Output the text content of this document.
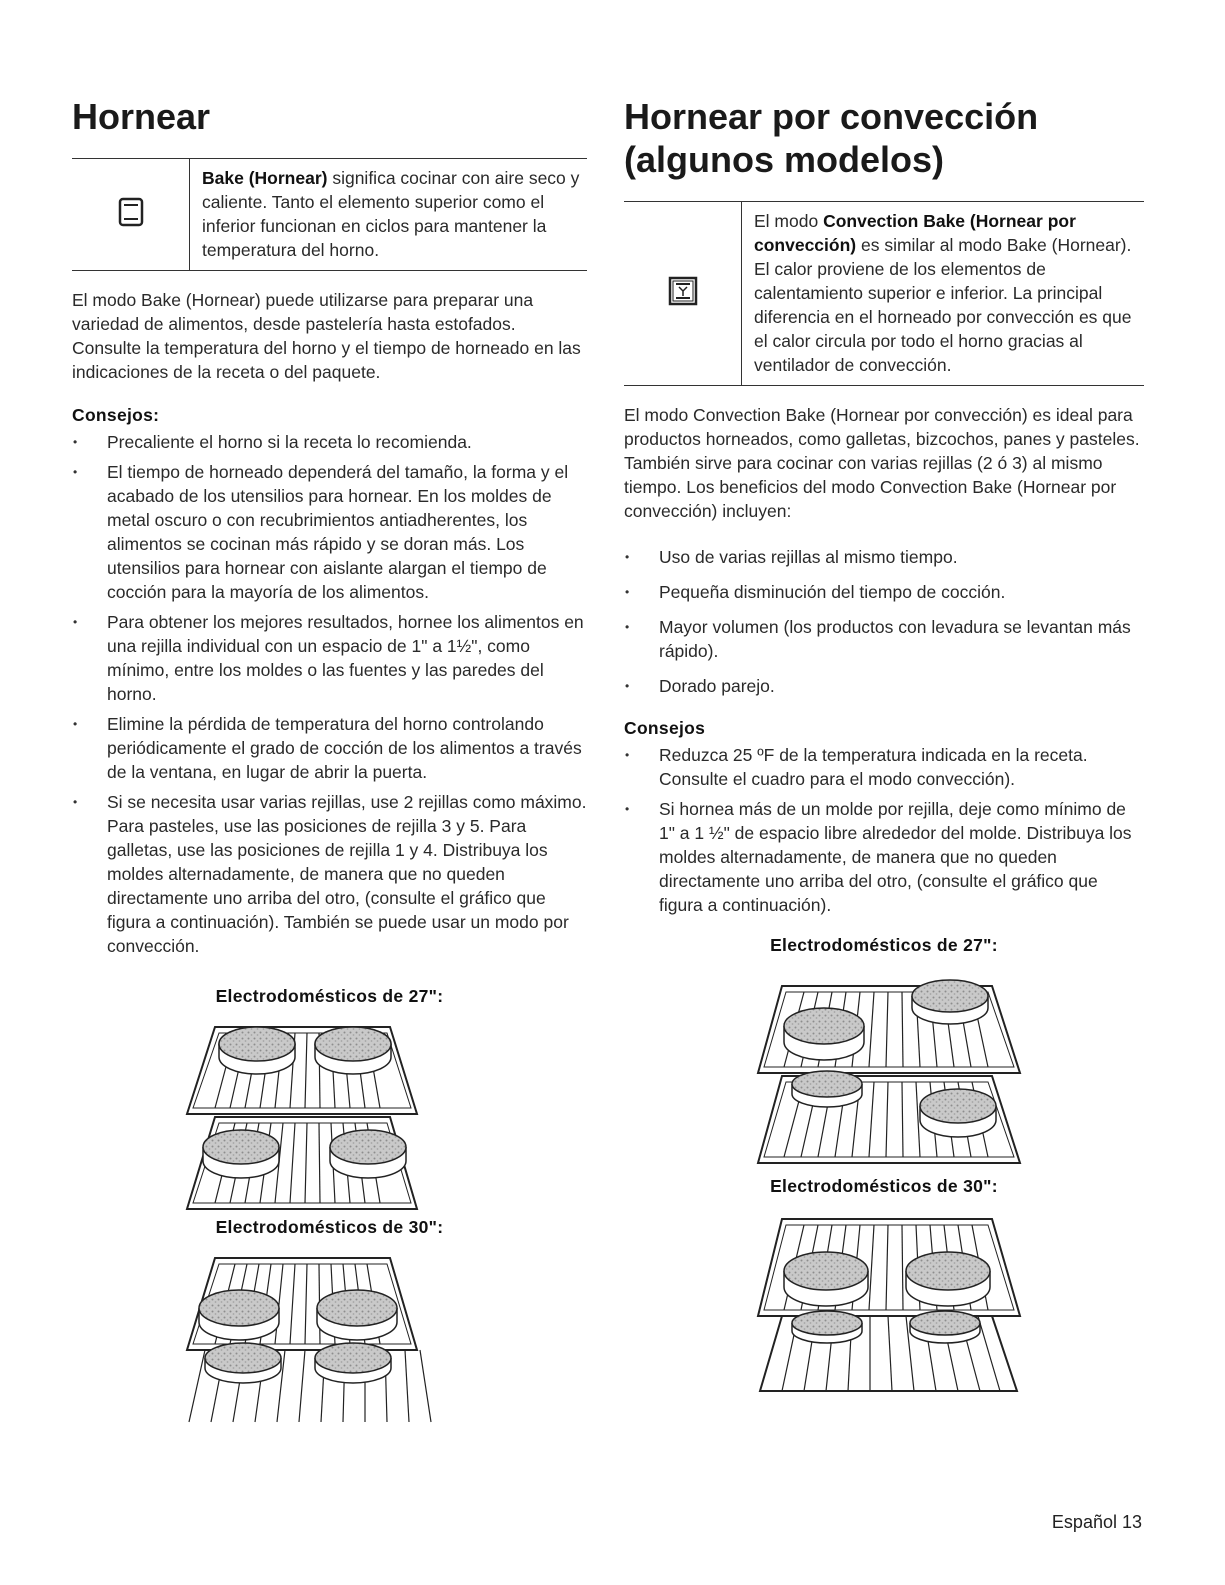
Hornear
Bake (Hornear) significa cocinar con aire seco y caliente. Tanto el elemento superior como el inferior funcionan en ciclos para mantener la temperatura del horno.

El modo Bake (Hornear) puede utilizarse para preparar una variedad de alimentos, desde pastelería hasta estofados. Consulte la temperatura del horno y el tiempo de horneado en las indicaciones de la receta o del paquete.

Consejos:
• Precaliente el horno si la receta lo recomienda.
• El tiempo de horneado dependerá del tamaño, la forma y el acabado de los utensilios para hornear. En los moldes de metal oscuro o con recubrimientos antiadherentes, los alimentos se cocinan más rápido y se doran más. Los utensilios para hornear con aislante alargan el tiempo de cocción para la mayoría de los alimentos.
• Para obtener los mejores resultados, hornee los alimentos en una rejilla individual con un espacio de 1" a 1½", como mínimo, entre los moldes o las fuentes y las paredes del horno.
• Elimine la pérdida de temperatura del horno controlando periódicamente el grado de cocción de los alimentos a través de la ventana, en lugar de abrir la puerta.
• Si se necesita usar varias rejillas, use 2 rejillas como máximo. Para pasteles, use las posiciones de rejilla 3 y 5. Para galletas, use las posiciones de rejilla 1 y 4. Distribuya los moldes alternadamente, de manera que no queden directamente uno arriba del otro, (consulte el gráfico que figura a continuación). También se puede usar un modo por convección.
Electrodomésticos de 27":
Electrodomésticos de 30":
Hornear por convección
(algunos modelos)
El modo Convection Bake (Hornear por convección) es similar al modo Bake (Hornear). El calor proviene de los elementos de calentamiento superior e inferior. La principal diferencia en el horneado por convección es que el calor circula por todo el horno gracias al ventilador de convección.

El modo Convection Bake (Hornear por convección) es ideal para productos horneados, como galletas, bizcochos, panes y pasteles. También sirve para cocinar con varias rejillas (2 ó 3) al mismo tiempo. Los beneficios del modo Convection Bake (Hornear por convección) incluyen:

• Uso de varias rejillas al mismo tiempo.
• Pequeña disminución del tiempo de cocción.
• Mayor volumen (los productos con levadura se levantan más rápido).
• Dorado parejo.
Consejos
• Reduzca 25 ºF de la temperatura indicada en la receta. Consulte el cuadro para el modo convección).
• Si hornea más de un molde por rejilla, deje como mínimo de 1" a 1 ½" de espacio libre alrededor del molde. Distribuya los moldes alternadamente, de manera que no queden directamente uno arriba del otro, (consulte el gráfico que figura a continuación).
Electrodomésticos de 27":
Electrodomésticos de 30":
Español 13
